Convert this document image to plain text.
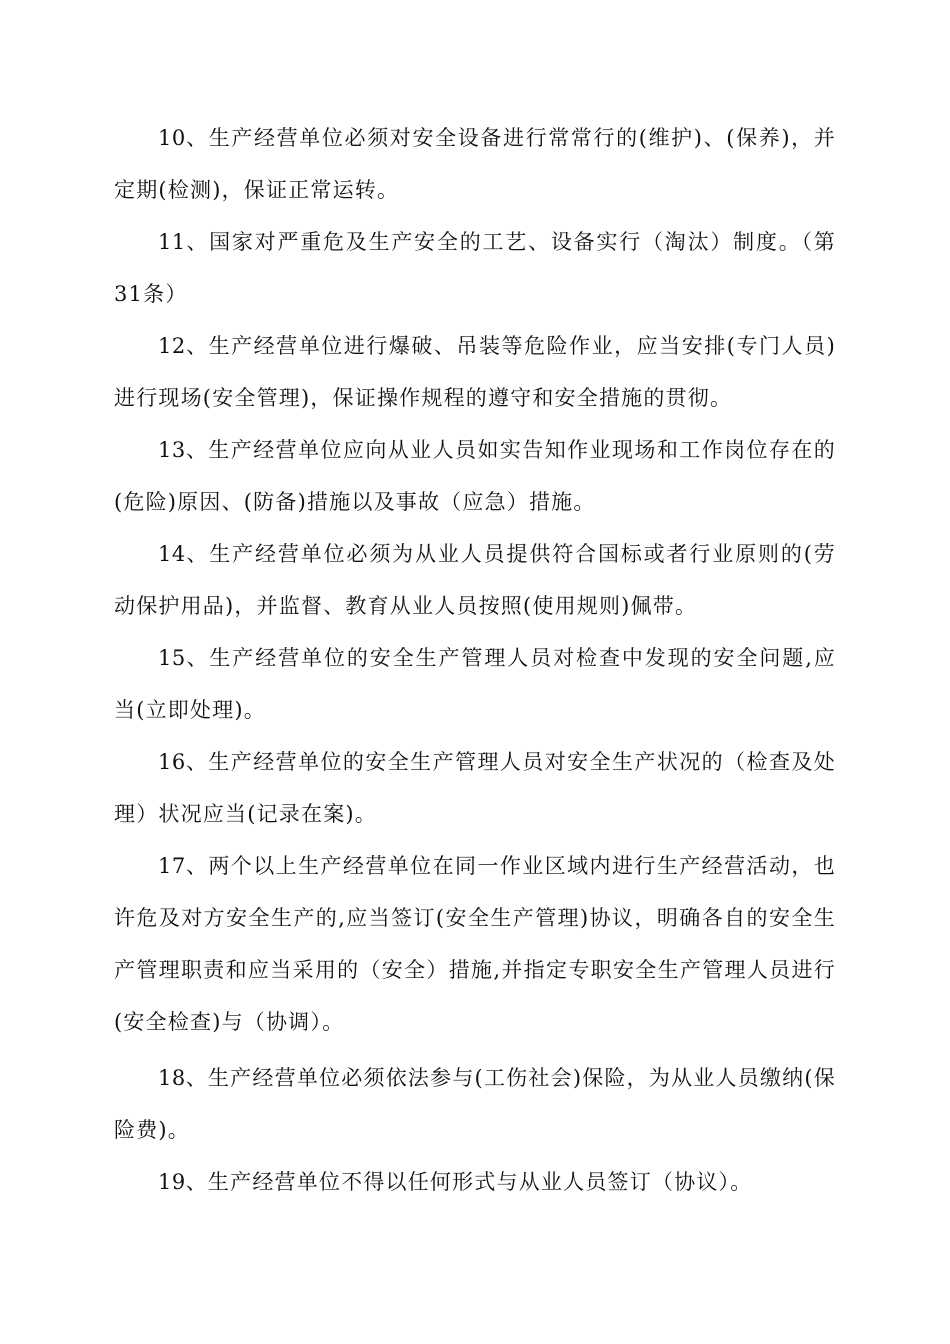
10、生产经营单位必须对安全设备进行常常行的(维护)、(保养)，并定期(检测)，保证正常运转。

11、国家对严重危及生产安全的工艺、设备实行（淘汰）制度。（第31条）

12、生产经营单位进行爆破、吊装等危险作业，应当安排(专门人员)进行现场(安全管理)，保证操作规程的遵守和安全措施的贯彻。

13、生产经营单位应向从业人员如实告知作业现场和工作岗位存在的(危险)原因、(防备)措施以及事故（应急）措施。

14、生产经营单位必须为从业人员提供符合国标或者行业原则的(劳动保护用品)，并监督、教育从业人员按照(使用规则)佩带。

15、生产经营单位的安全生产管理人员对检查中发现的安全问题,应当(立即处理)。

16、生产经营单位的安全生产管理人员对安全生产状况的（检查及处理）状况应当(记录在案)。

17、两个以上生产经营单位在同一作业区域内进行生产经营活动，也许危及对方安全生产的,应当签订(安全生产管理)协议，明确各自的安全生产管理职责和应当采用的（安全）措施,并指定专职安全生产管理人员进行(安全检查)与（协调）。

18、生产经营单位必须依法参与(工伤社会)保险，为从业人员缴纳(保险费)。

19、生产经营单位不得以任何形式与从业人员签订（协议）。
